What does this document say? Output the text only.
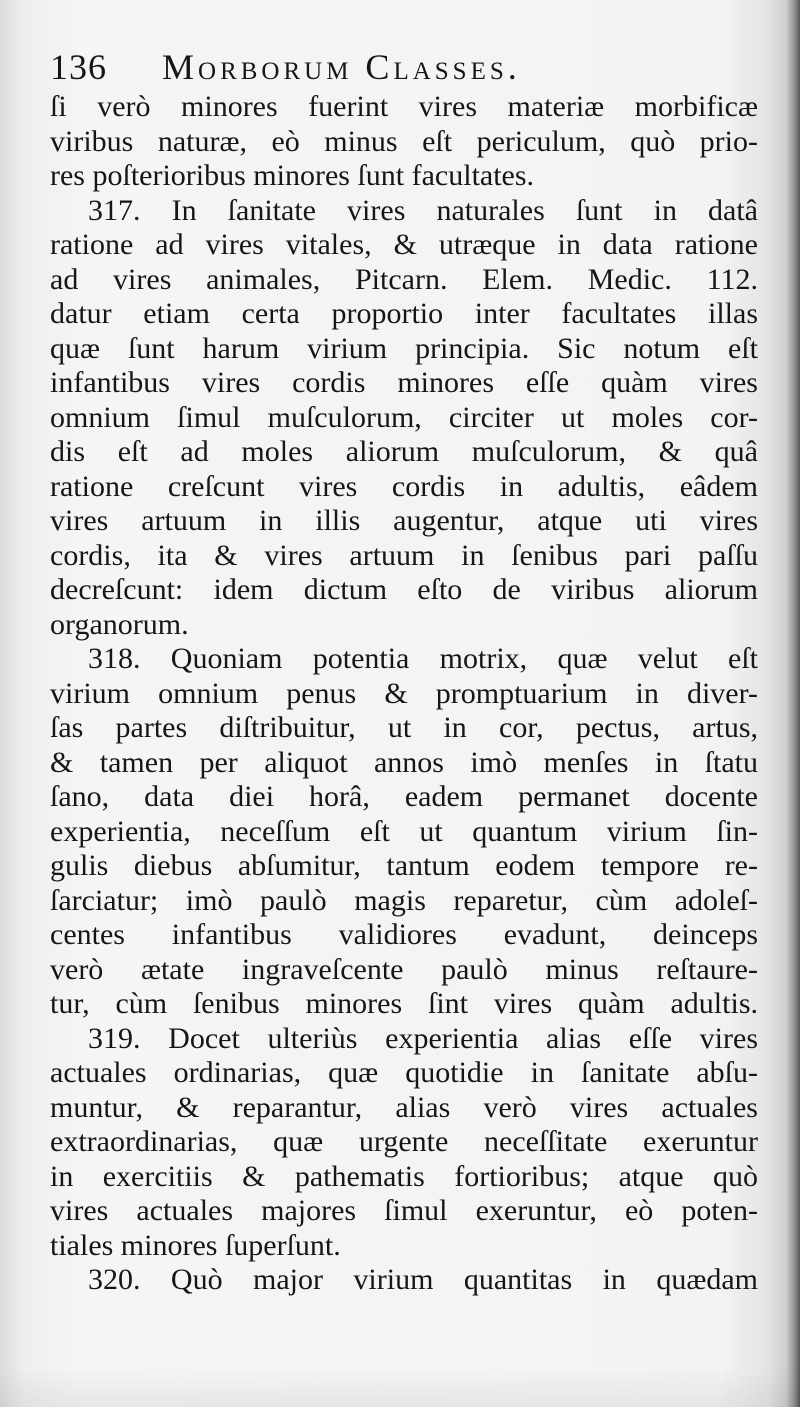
136	Morborum Classes.
ſi verò minores fuerint vires materiæ morbificæ
viribus naturæ, eò minus eſt periculum, quò prio-
res poſterioribus minores ſunt facultates.
317. In ſanitate vires naturales ſunt in datâ
ratione ad vires vitales, & utræque in data ratione
ad vires animales, Pitcarn. Elem. Medic. 112.
datur etiam certa proportio inter facultates illas
quæ ſunt harum virium principia. Sic notum eſt
infantibus vires cordis minores eſſe quàm vires
omnium ſimul muſculorum, circiter ut moles cor-
dis eſt ad moles aliorum muſculorum, & quâ
ratione creſcunt vires cordis in adultis, eâdem
vires artuum in illis augentur, atque uti vires
cordis, ita & vires artuum in ſenibus pari paſſu
decreſcunt: idem dictum eſto de viribus aliorum
organorum.
318. Quoniam potentia motrix, quæ velut eſt
virium omnium penus & promptuarium in diver-
ſas partes diſtribuitur, ut in cor, pectus, artus,
& tamen per aliquot annos imò menſes in ſtatu
ſano, data diei horâ, eadem permanet docente
experientia, neceſſum eſt ut quantum virium ſin-
gulis diebus abſumitur, tantum eodem tempore re-
ſarciatur; imò paulò magis reparetur, cùm adoleſ-
centes infantibus validiores evadunt, deinceps
verò ætate ingraveſcente paulò minus reſtaure-
tur, cùm ſenibus minores ſint vires quàm adultis.
319. Docet ulteriùs experientia alias eſſe vires
actuales ordinarias, quæ quotidie in ſanitate abſu-
muntur, & reparantur, alias verò vires actuales
extraordinarias, quæ urgente neceſſitate exeruntur
in exercitiis & pathematis fortioribus; atque quò
vires actuales majores ſimul exeruntur, eò poten-
tiales minores ſuperſunt.
320. Quò major virium quantitas in quædam
